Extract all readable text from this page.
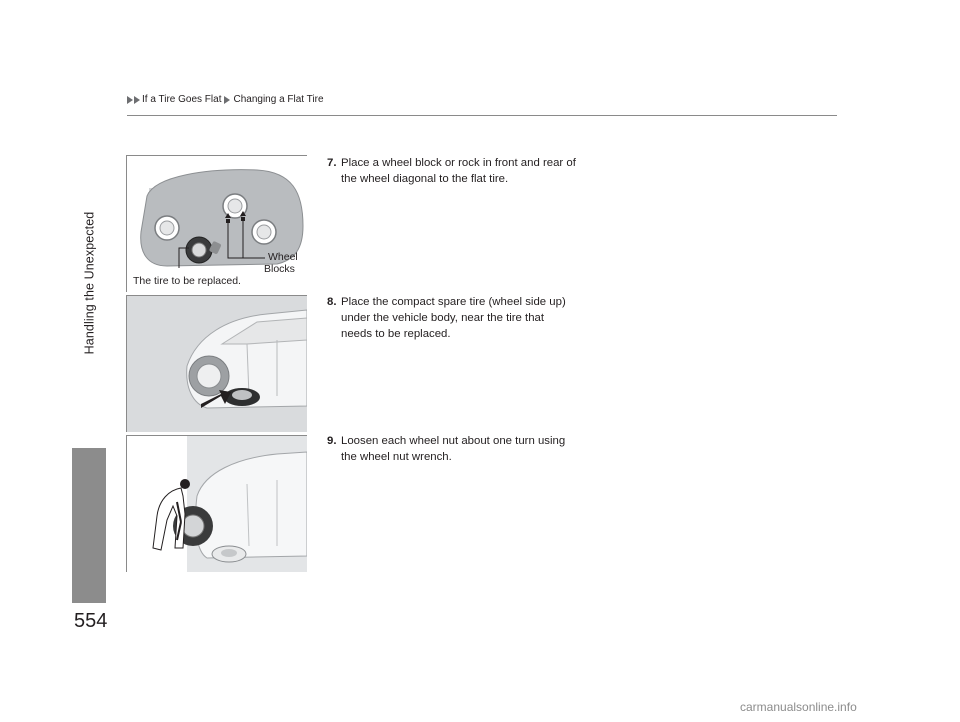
If a Tire Goes Flat Changing a Flat Tire
Handling the Unexpected
554
Wheel
Blocks
The tire to be replaced.
7. Place a wheel block or rock in front and rear of the wheel diagonal to the flat tire.
8. Place the compact spare tire (wheel side up) under the vehicle body, near the tire that needs to be replaced.
9. Loosen each wheel nut about one turn using the wheel nut wrench.
carmanualsonline.info
